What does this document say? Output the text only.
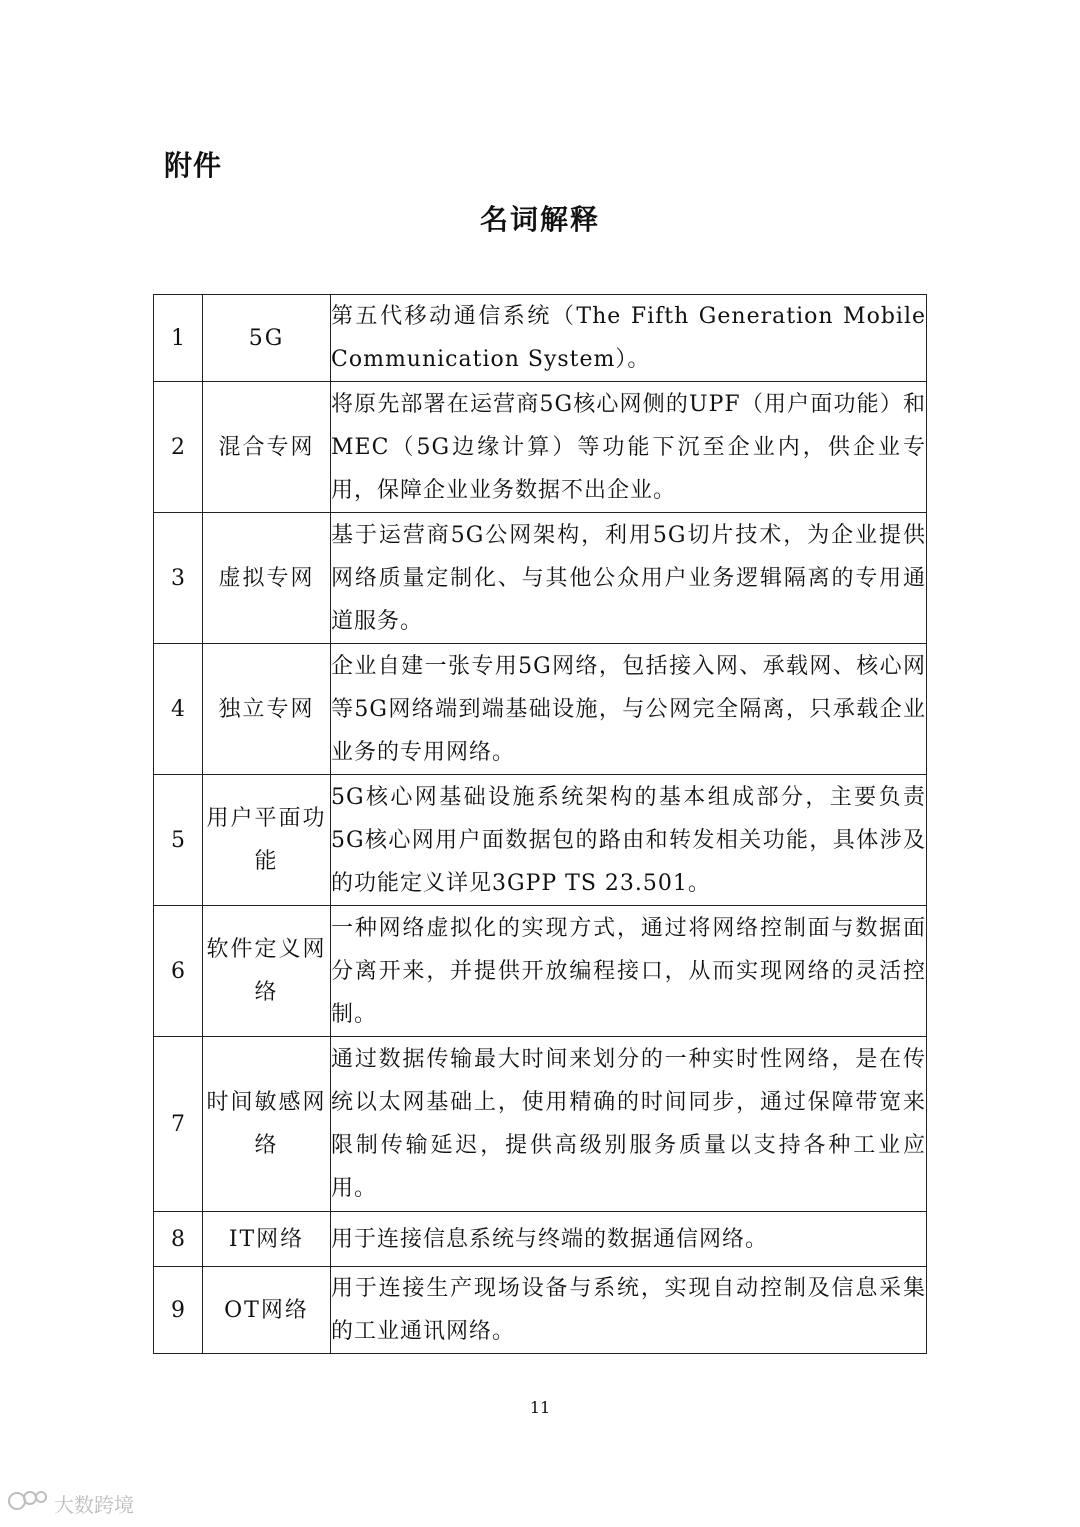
附件
名词解释
1	5G	第五代移动通信系统（The Fifth Generation Mobile Communication System）。
2	混合专网	将原先部署在运营商5G核心网侧的UPF（用户面功能）和MEC（5G边缘计算）等功能下沉至企业内，供企业专用，保障企业业务数据不出企业。
3	虚拟专网	基于运营商5G公网架构，利用5G切片技术，为企业提供网络质量定制化、与其他公众用户业务逻辑隔离的专用通道服务。
4	独立专网	企业自建一张专用5G网络，包括接入网、承载网、核心网等5G网络端到端基础设施，与公网完全隔离，只承载企业业务的专用网络。
5	用户平面功能	5G核心网基础设施系统架构的基本组成部分，主要负责5G核心网用户面数据包的路由和转发相关功能，具体涉及的功能定义详见3GPP TS 23.501。
6	软件定义网络	一种网络虚拟化的实现方式，通过将网络控制面与数据面分离开来，并提供开放编程接口，从而实现网络的灵活控制。
7	时间敏感网络	通过数据传输最大时间来划分的一种实时性网络，是在传统以太网基础上，使用精确的时间同步，通过保障带宽来限制传输延迟，提供高级别服务质量以支持各种工业应用。
8	IT网络	用于连接信息系统与终端的数据通信网络。
9	OT网络	用于连接生产现场设备与系统，实现自动控制及信息采集的工业通讯网络。
11
大数跨境
